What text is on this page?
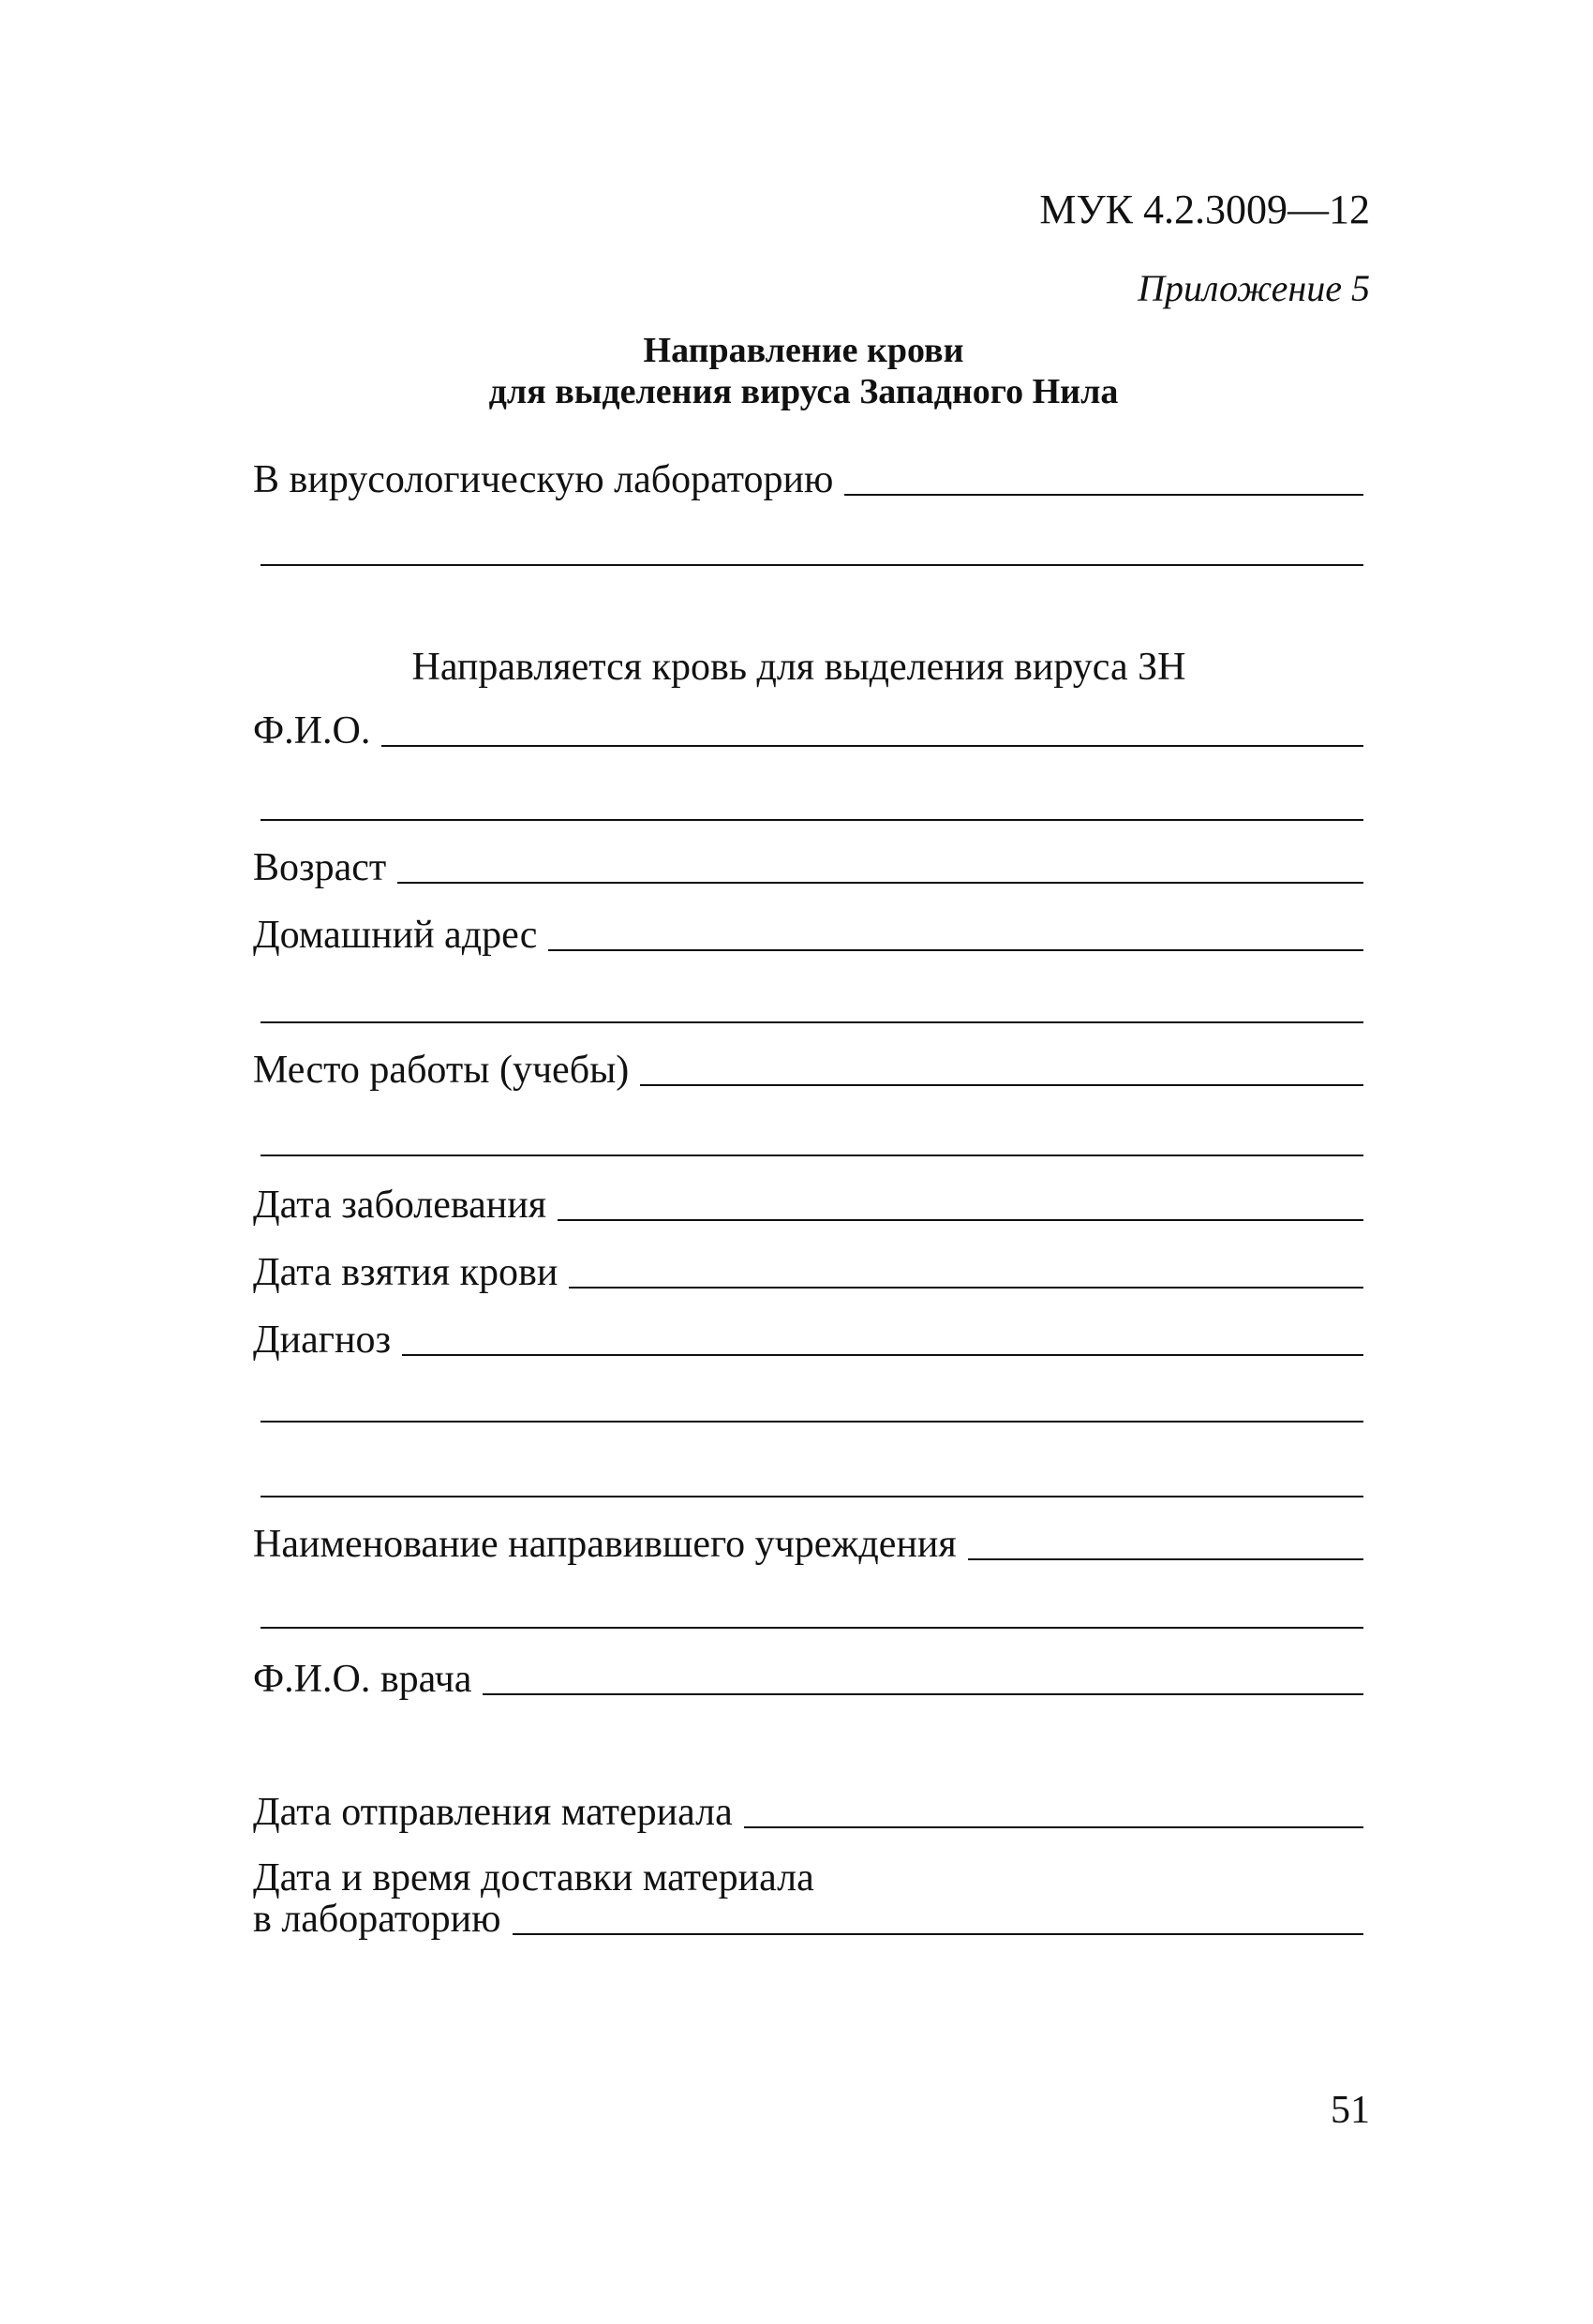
МУК 4.2.3009—12
Приложение 5
Направление крови
для выделения вируса Западного Нила
В вирусологическую лабораторию
Направляется кровь для выделения вируса ЗН
Ф.И.О.
Возраст
Домашний адрес
Место работы (учебы)
Дата заболевания
Дата взятия крови
Диагноз
Наименование направившего учреждения
Ф.И.О. врача
Дата отправления материала
Дата и время доставки материала
в лабораторию
51
